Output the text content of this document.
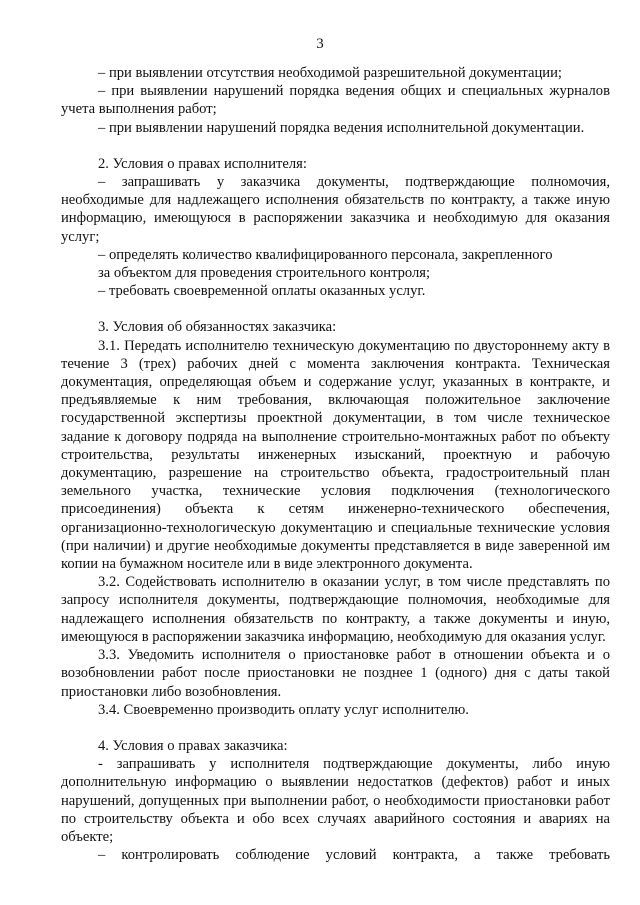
3

– при выявлении отсутствия необходимой разрешительной документации;

– при выявлении нарушений порядка ведения общих и специальных журналов учета выполнения работ;

– при выявлении нарушений порядка ведения исполнительной документации.

2. Условия о правах исполнителя:

– запрашивать у заказчика документы, подтверждающие полномочия, необходимые для надлежащего исполнения обязательств по контракту, а также иную информацию, имеющуюся в распоряжении заказчика и необходимую для оказания услуг;

– определять количество квалифицированного персонала, закрепленного

за объектом для проведения строительного контроля;

– требовать своевременной оплаты оказанных услуг.

3. Условия об обязанностях заказчика:

3.1. Передать исполнителю техническую документацию по двустороннему акту в течение 3 (трех) рабочих дней с момента заключения контракта. Техническая документация, определяющая объем и содержание услуг, указанных в контракте, и предъявляемые к ним требования, включающая положительное заключение государственной экспертизы проектной документации, в том числе техническое задание к договору подряда на выполнение строительно-монтажных работ по объекту строительства, результаты инженерных изысканий, проектную и рабочую документацию, разрешение на строительство объекта, градостроительный план земельного участка, технические условия подключения (технологического присоединения) объекта к сетям инженерно-технического обеспечения, организационно-технологическую документацию и специальные технические условия (при наличии) и другие необходимые документы представляется в виде заверенной им копии на бумажном носителе или в виде электронного документа.

3.2. Содействовать исполнителю в оказании услуг, в том числе представлять по запросу исполнителя документы, подтверждающие полномочия, необходимые для надлежащего исполнения обязательств по контракту, а также документы и иную, имеющуюся в распоряжении заказчика информацию, необходимую для оказания услуг.

3.3. Уведомить исполнителя о приостановке работ в отношении объекта и о возобновлении работ после приостановки не позднее 1 (одного) дня с даты такой приостановки либо возобновления.

3.4. Своевременно производить оплату услуг исполнителю.

4. Условия о правах заказчика:

- запрашивать у исполнителя подтверждающие документы, либо иную дополнительную информацию о выявлении недостатков (дефектов) работ и иных нарушений, допущенных при выполнении работ, о необходимости приостановки работ по строительству объекта и обо всех случаях аварийного состояния и авариях на объекте;

– контролировать соблюдение условий контракта, а также требовать
